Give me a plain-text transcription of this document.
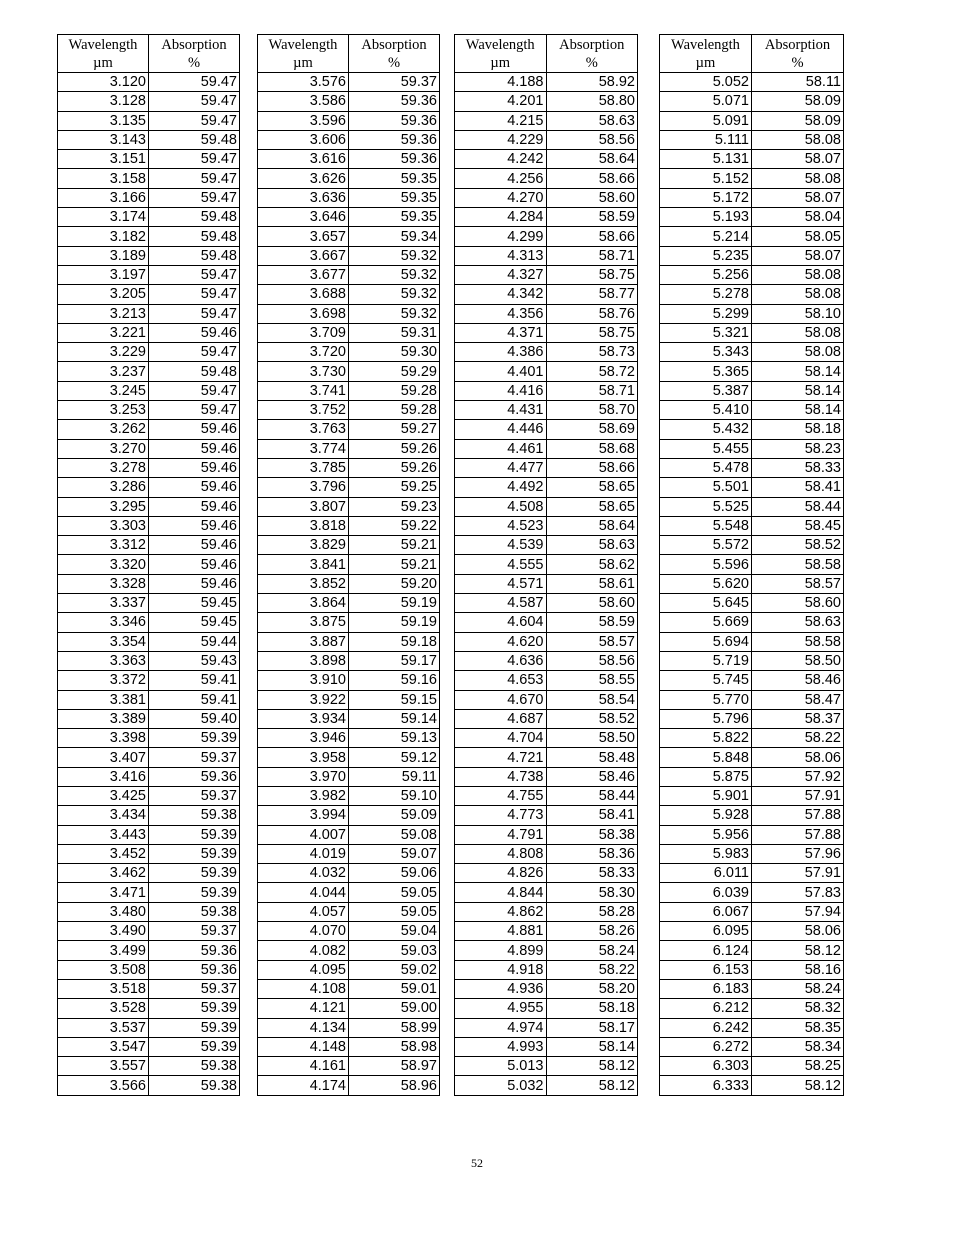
Wavelength
µm	Absorption
%

3.120	59.47
3.128	59.47
3.135	59.47
3.143	59.48
3.151	59.47
3.158	59.47
3.166	59.47
3.174	59.48
3.182	59.48
3.189	59.48
3.197	59.47
3.205	59.47
3.213	59.47
3.221	59.46
3.229	59.47
3.237	59.48
3.245	59.47
3.253	59.47
3.262	59.46
3.270	59.46
3.278	59.46
3.286	59.46
3.295	59.46
3.303	59.46
3.312	59.46
3.320	59.46
3.328	59.46
3.337	59.45
3.346	59.45
3.354	59.44
3.363	59.43
3.372	59.41
3.381	59.41
3.389	59.40
3.398	59.39
3.407	59.37
3.416	59.36
3.425	59.37
3.434	59.38
3.443	59.39
3.452	59.39
3.462	59.39
3.471	59.39
3.480	59.38
3.490	59.37
3.499	59.36
3.508	59.36
3.518	59.37
3.528	59.39
3.537	59.39
3.547	59.39
3.557	59.38
3.566	59.38
Wavelength
µm	Absorption
%

3.576	59.37
3.586	59.36
3.596	59.36
3.606	59.36
3.616	59.36
3.626	59.35
3.636	59.35
3.646	59.35
3.657	59.34
3.667	59.32
3.677	59.32
3.688	59.32
3.698	59.32
3.709	59.31
3.720	59.30
3.730	59.29
3.741	59.28
3.752	59.28
3.763	59.27
3.774	59.26
3.785	59.26
3.796	59.25
3.807	59.23
3.818	59.22
3.829	59.21
3.841	59.21
3.852	59.20
3.864	59.19
3.875	59.19
3.887	59.18
3.898	59.17
3.910	59.16
3.922	59.15
3.934	59.14
3.946	59.13
3.958	59.12
3.970	59.11
3.982	59.10
3.994	59.09
4.007	59.08
4.019	59.07
4.032	59.06
4.044	59.05
4.057	59.05
4.070	59.04
4.082	59.03
4.095	59.02
4.108	59.01
4.121	59.00
4.134	58.99
4.148	58.98
4.161	58.97
4.174	58.96
Wavelength
µm	Absorption
%

4.188	58.92
4.201	58.80
4.215	58.63
4.229	58.56
4.242	58.64
4.256	58.66
4.270	58.60
4.284	58.59
4.299	58.66
4.313	58.71
4.327	58.75
4.342	58.77
4.356	58.76
4.371	58.75
4.386	58.73
4.401	58.72
4.416	58.71
4.431	58.70
4.446	58.69
4.461	58.68
4.477	58.66
4.492	58.65
4.508	58.65
4.523	58.64
4.539	58.63
4.555	58.62
4.571	58.61
4.587	58.60
4.604	58.59
4.620	58.57
4.636	58.56
4.653	58.55
4.670	58.54
4.687	58.52
4.704	58.50
4.721	58.48
4.738	58.46
4.755	58.44
4.773	58.41
4.791	58.38
4.808	58.36
4.826	58.33
4.844	58.30
4.862	58.28
4.881	58.26
4.899	58.24
4.918	58.22
4.936	58.20
4.955	58.18
4.974	58.17
4.993	58.14
5.013	58.12
5.032	58.12
Wavelength
µm	Absorption
%

5.052	58.11
5.071	58.09
5.091	58.09
5.111	58.08
5.131	58.07
5.152	58.08
5.172	58.07
5.193	58.04
5.214	58.05
5.235	58.07
5.256	58.08
5.278	58.08
5.299	58.10
5.321	58.08
5.343	58.08
5.365	58.14
5.387	58.14
5.410	58.14
5.432	58.18
5.455	58.23
5.478	58.33
5.501	58.41
5.525	58.44
5.548	58.45
5.572	58.52
5.596	58.58
5.620	58.57
5.645	58.60
5.669	58.63
5.694	58.58
5.719	58.50
5.745	58.46
5.770	58.47
5.796	58.37
5.822	58.22
5.848	58.06
5.875	57.92
5.901	57.91
5.928	57.88
5.956	57.88
5.983	57.96
6.011	57.91
6.039	57.83
6.067	57.94
6.095	58.06
6.124	58.12
6.153	58.16
6.183	58.24
6.212	58.32
6.242	58.35
6.272	58.34
6.303	58.25
6.333	58.12
52
